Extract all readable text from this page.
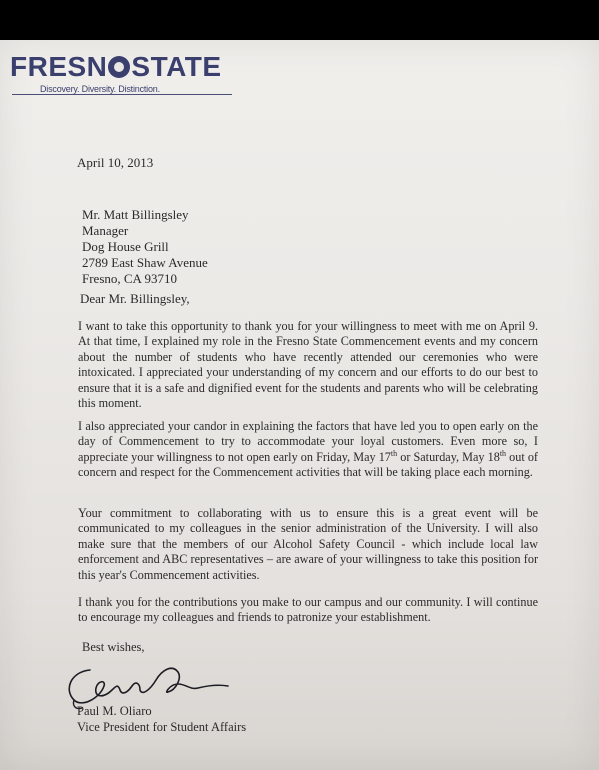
FRESN STATE
Discovery. Diversity. Distinction.
April 10, 2013
Mr. Matt Billingsley
Manager
Dog House Grill
2789 East Shaw Avenue
Fresno, CA 93710
Dear Mr. Billingsley,
I want to take this opportunity to thank you for your willingness to meet with me on April 9. At that time, I explained my role in the Fresno State Commencement events and my concern about the number of students who have recently attended our ceremonies who were intoxicated. I appreciated your understanding of my concern and our efforts to do our best to ensure that it is a safe and dignified event for the students and parents who will be celebrating this moment.
I also appreciated your candor in explaining the factors that have led you to open early on the day of Commencement to try to accommodate your loyal customers. Even more so, I appreciate your willingness to not open early on Friday, May 17th or Saturday, May 18th out of concern and respect for the Commencement activities that will be taking place each morning.
Your commitment to collaborating with us to ensure this is a great event will be communicated to my colleagues in the senior administration of the University. I will also make sure that the members of our Alcohol Safety Council - which include local law enforcement and ABC representatives – are aware of your willingness to take this position for this year's Commencement activities.
I thank you for the contributions you make to our campus and our community. I will continue to encourage my colleagues and friends to patronize your establishment.
Best wishes,
Paul M. Oliaro
Vice President for Student Affairs
